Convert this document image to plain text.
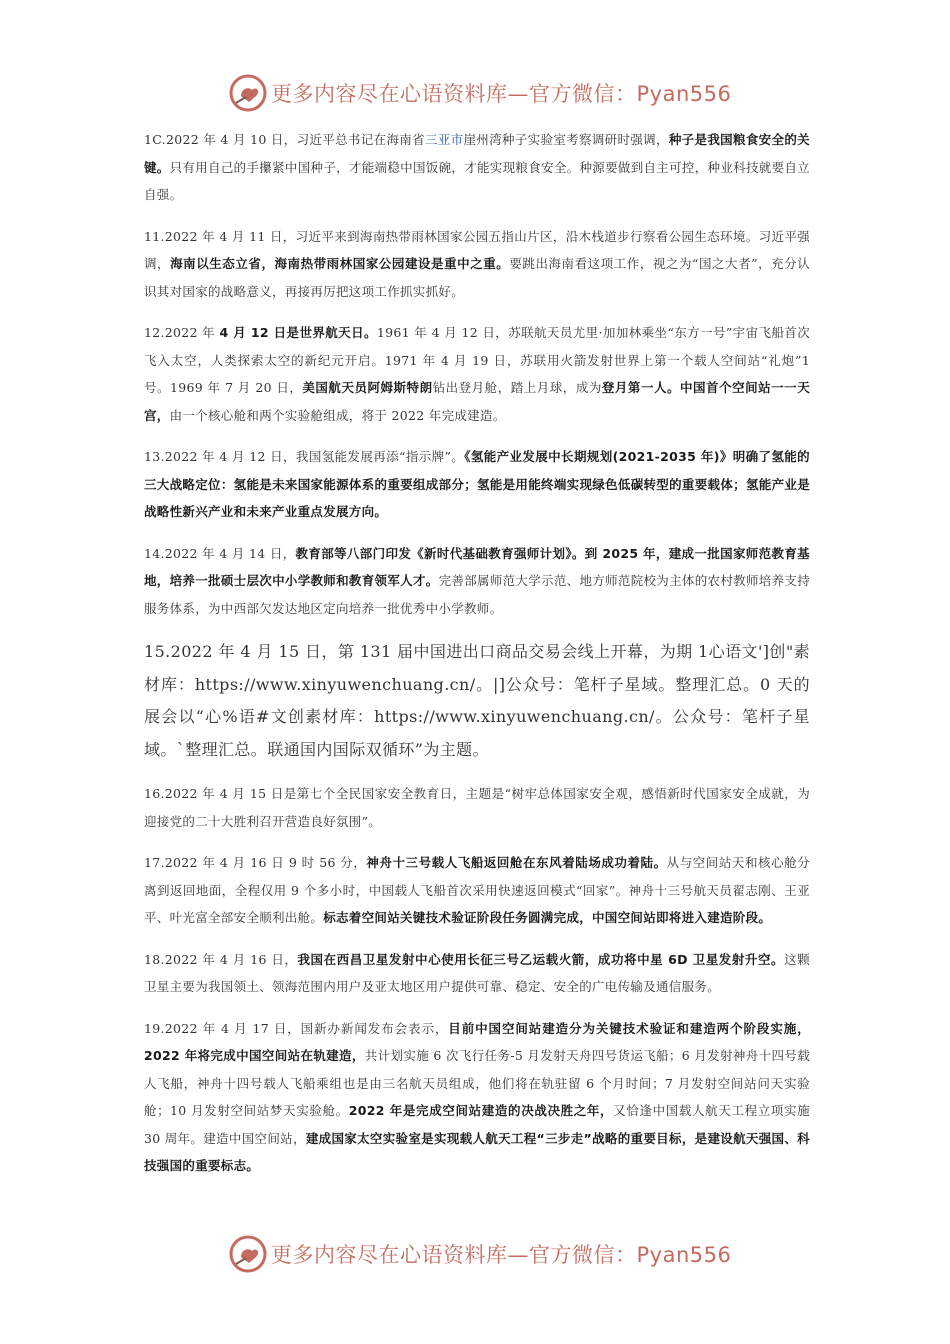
更多内容尽在心语资料库—官方微信：Pyan556

1C.2022 年 4 月 10 日，习近平总书记在海南省三亚市崖州湾种子实验室考察调研时强调，种子是我国粮食安全的关键。只有用自己的手攥紧中国种子，才能端稳中国饭碗，才能实现粮食安全。种源要做到自主可控，种业科技就要自立自强。

11.2022 年 4 月 11 日，习近平来到海南热带雨林国家公园五指山片区，沿木栈道步行察看公园生态环境。习近平强调，海南以生态立省，海南热带雨林国家公园建设是重中之重。要跳出海南看这项工作，视之为“国之大者”，充分认识其对国家的战略意义，再接再厉把这项工作抓实抓好。

12.2022 年 4 月 12 日是世界航天日。1961 年 4 月 12 日，苏联航天员尤里·加加林乘坐“东方一号”宇宙飞船首次飞入太空，人类探索太空的新纪元开启。1971 年 4 月 19 日，苏联用火箭发射世界上第一个载人空间站“礼炮”1 号。1969 年 7 月 20 日，美国航天员阿姆斯特朗钻出登月舱，踏上月球，成为登月第一人。中国首个空间站一一天宫，由一个核心舱和两个实验舱组成，将于 2022 年完成建造。

13.2022 年 4 月 12 日，我国氢能发展再添“指示牌”。《氢能产业发展中长期规划(2021-2035 年)》明确了氢能的三大战略定位：氢能是未来国家能源体系的重要组成部分；氢能是用能终端实现绿色低碳转型的重要载体；氢能产业是战略性新兴产业和未来产业重点发展方向。

14.2022 年 4 月 14 日，教育部等八部门印发《新时代基础教育强师计划》。到 2025 年，建成一批国家师范教育基地，培养一批硕士层次中小学教师和教育领军人才。完善部属师范大学示范、地方师范院校为主体的农村教师培养支持服务体系，为中西部欠发达地区定向培养一批优秀中小学教师。

15.2022 年 4 月 15 日，第 131 届中国进出口商品交易会线上开幕，为期 1心语文']创"素材库：https://www.xinyuwenchuang.cn/。|]公众号：笔杆子星域。整理汇总。0 天的展会以“心%语#文创素材库：https://www.xinyuwenchuang.cn/。公众号：笔杆子星域。`整理汇总。联通国内国际双循环”为主题。

16.2022 年 4 月 15 日是第七个全民国家安全教育日，主题是“树牢总体国家安全观，感悟新时代国家安全成就，为迎接党的二十大胜利召开营造良好氛围”。

17.2022 年 4 月 16 日 9 时 56 分，神舟十三号载人飞船返回舱在东风着陆场成功着陆。从与空间站天和核心舱分离到返回地面，全程仅用 9 个多小时，中国载人飞船首次采用快速返回模式“回家”。神舟十三号航天员翟志刚、王亚平、叶光富全部安全顺利出舱。标志着空间站关键技术验证阶段任务圆满完成，中国空间站即将进入建造阶段。

18.2022 年 4 月 16 日，我国在西昌卫星发射中心使用长征三号乙运载火箭，成功将中星 6D 卫星发射升空。这颗卫星主要为我国领土、领海范围内用户及亚太地区用户提供可靠、稳定、安全的广电传输及通信服务。

19.2022 年 4 月 17 日，国新办新闻发布会表示，目前中国空间站建造分为关键技术验证和建造两个阶段实施，2022 年将完成中国空间站在轨建造，共计划实施 6 次飞行任务-5 月发射天舟四号货运飞船；6 月发射神舟十四号载人飞船，神舟十四号载人飞船乘组也是由三名航天员组成，他们将在轨驻留 6 个月时间；7 月发射空间站问天实验舱；10 月发射空间站梦天实验舱。2022 年是完成空间站建造的决战决胜之年，又恰逢中国载人航天工程立项实施 30 周年。建造中国空间站，建成国家太空实验室是实现载人航天工程“三步走”战略的重要目标，是建设航天强国、科技强国的重要标志。

更多内容尽在心语资料库—官方微信：Pyan556
